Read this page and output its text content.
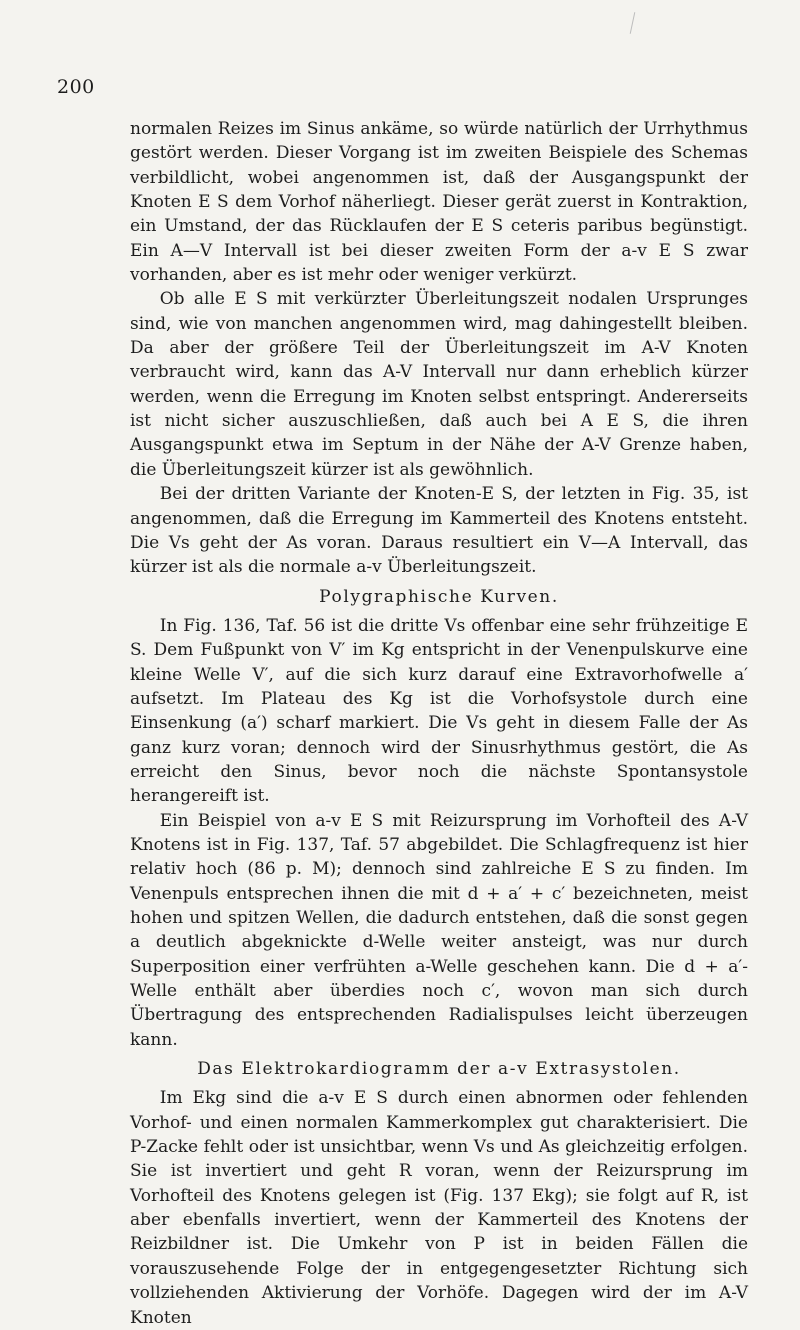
200

normalen Reizes im Sinus ankäme, so würde natürlich der Urrhythmus gestört werden. Dieser Vorgang ist im zweiten Beispiele des Schemas verbildlicht, wobei angenommen ist, daß der Ausgangspunkt der Knoten E S dem Vorhof näherliegt. Dieser gerät zuerst in Kontraktion, ein Umstand, der das Rücklaufen der E S ceteris paribus begünstigt. Ein A—V Intervall ist bei dieser zweiten Form der a-v E S zwar vorhanden, aber es ist mehr oder weniger verkürzt.

Ob alle E S mit verkürzter Überleitungszeit nodalen Ursprunges sind, wie von manchen angenommen wird, mag dahingestellt bleiben. Da aber der größere Teil der Überleitungszeit im A-V Knoten verbraucht wird, kann das A-V Intervall nur dann erheblich kürzer werden, wenn die Erregung im Knoten selbst entspringt. Andererseits ist nicht sicher auszuschließen, daß auch bei A E S, die ihren Ausgangspunkt etwa im Septum in der Nähe der A-V Grenze haben, die Überleitungszeit kürzer ist als gewöhnlich.

Bei der dritten Variante der Knoten-E S, der letzten in Fig. 35, ist angenommen, daß die Erregung im Kammerteil des Knotens entsteht. Die Vs geht der As voran. Daraus resultiert ein V—A Intervall, das kürzer ist als die normale a-v Überleitungszeit.

Polygraphische Kurven.

In Fig. 136, Taf. 56 ist die dritte Vs offenbar eine sehr frühzeitige E S. Dem Fußpunkt von V′ im Kg entspricht in der Venenpulskurve eine kleine Welle V′, auf die sich kurz darauf eine Extravorhofwelle a′ aufsetzt. Im Plateau des Kg ist die Vorhofsystole durch eine Einsenkung (a′) scharf markiert. Die Vs geht in diesem Falle der As ganz kurz voran; dennoch wird der Sinusrhythmus gestört, die As erreicht den Sinus, bevor noch die nächste Spontansystole herangereift ist.

Ein Beispiel von a-v E S mit Reizursprung im Vorhofteil des A-V Knotens ist in Fig. 137, Taf. 57 abgebildet. Die Schlagfrequenz ist hier relativ hoch (86 p. M); dennoch sind zahlreiche E S zu finden. Im Venenpuls entsprechen ihnen die mit d + a′ + c′ bezeichneten, meist hohen und spitzen Wellen, die dadurch entstehen, daß die sonst gegen a deutlich abgeknickte d-Welle weiter ansteigt, was nur durch Superposition einer verfrühten a-Welle geschehen kann. Die d + a′-Welle enthält aber überdies noch c′, wovon man sich durch Übertragung des entsprechenden Radialispulses leicht überzeugen kann.

Das Elektrokardiogramm der a-v Extrasystolen.

Im Ekg sind die a-v E S durch einen abnormen oder fehlenden Vorhof- und einen normalen Kammerkomplex gut charakterisiert. Die P-Zacke fehlt oder ist unsichtbar, wenn Vs und As gleichzeitig erfolgen. Sie ist invertiert und geht R voran, wenn der Reizursprung im Vorhofteil des Knotens gelegen ist (Fig. 137 Ekg); sie folgt auf R, ist aber ebenfalls invertiert, wenn der Kammerteil des Knotens der Reizbildner ist. Die Umkehr von P ist in beiden Fällen die vorauszusehende Folge der in entgegengesetzter Richtung sich vollziehenden Aktivierung der Vorhöfe. Dagegen wird der im A-V Knoten
